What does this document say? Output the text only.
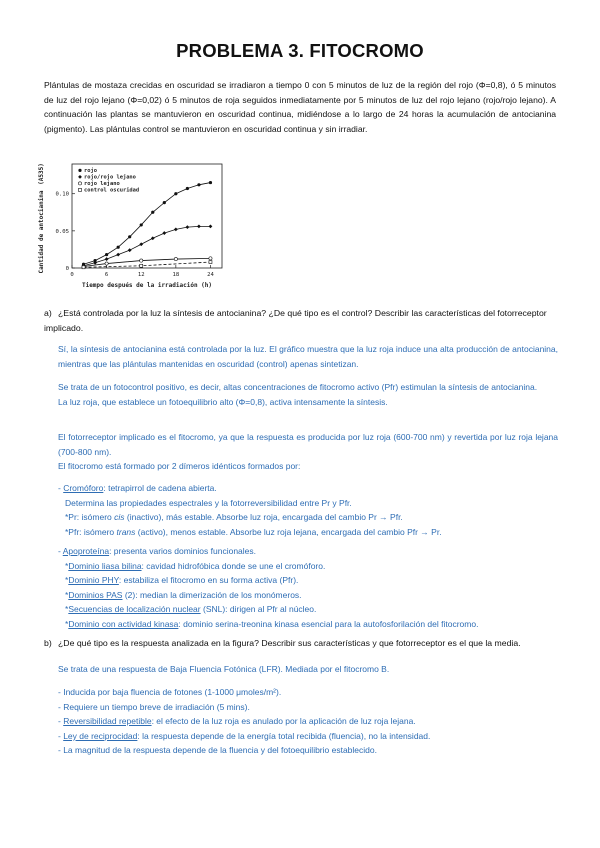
PROBLEMA 3. FITOCROMO

Plántulas de mostaza crecidas en oscuridad se irradiaron a tiempo 0 con 5 minutos de luz de la región del rojo (Φ=0,8), ó 5 minutos de luz del rojo lejano (Φ=0,02) ó 5 minutos de roja seguidos inmediatamente por 5 minutos de luz del rojo lejano (rojo/rojo lejano). A continuación las plantas se mantuvieron en oscuridad continua, midiéndose a lo largo de 24 horas la acumulación de antocianina (pigmento). Las plántulas control se mantuvieron en oscuridad continua y sin irradiar.

Cantidad de antocianina
(A535)
0
0.05
0.10
0	6	12	18	24
rojo
rojo/rojo lejano
rojo lejano
control oscuridad
Tiempo después de la irradiación (h)

a) ¿Está controlada por la luz la síntesis de antocianina? ¿De qué tipo es el control? Describir las características del fotorreceptor implicado.

Sí, la síntesis de antocianina está controlada por la luz. El gráfico muestra que la luz roja induce una alta producción de antocianina, mientras que las plántulas mantenidas en oscuridad (control) apenas sintetizan.

Se trata de un fotocontrol positivo, es decir, altas concentraciones de fitocromo activo (Pfr) estimulan la síntesis de antocianina.
La luz roja, que establece un fotoequilibrio alto (Φ=0,8), activa intensamente la síntesis.

El fotorreceptor implicado es el fitocromo, ya que la respuesta es producida por luz roja (600-700 nm) y revertida por luz roja lejana (700-800 nm).
El fitocromo está formado por 2 dímeros idénticos formados por:

- Cromóforo: tetrapirrol de cadena abierta.
Determina las propiedades espectrales y la fotorreversibilidad entre Pr y Pfr.
*Pr: isómero cis (inactivo), más estable. Absorbe luz roja, encargada del cambio Pr → Pfr.
*Pfr: isómero trans (activo), menos estable. Absorbe luz roja lejana, encargada del cambio Pfr → Pr.
- Apoproteína: presenta varios dominios funcionales.
*Dominio liasa bilina: cavidad hidrofóbica donde se une el cromóforo.
*Dominio PHY: estabiliza el fitocromo en su forma activa (Pfr).
*Dominios PAS (2): median la dimerización de los monómeros.
*Secuencias de localización nuclear (SNL): dirigen al Pfr al núcleo.
*Dominio con actividad kinasa: dominio serina-treonina kinasa esencial para la autofosforilación del fitocromo.

b) ¿De qué tipo es la respuesta analizada en la figura? Describir sus características y que fotorreceptor es el que la media.

Se trata de una respuesta de Baja Fluencia Fotónica (LFR). Mediada por el fitocromo B.

- Inducida por baja fluencia de fotones (1-1000 μmoles/m²).
- Requiere un tiempo breve de irradiación (5 mins).
- Reversibilidad repetible: el efecto de la luz roja es anulado por la aplicación de luz roja lejana.
- Ley de reciprocidad: la respuesta depende de la energía total recibida (fluencia), no la intensidad.
- La magnitud de la respuesta depende de la fluencia y del fotoequilibrio establecido.
